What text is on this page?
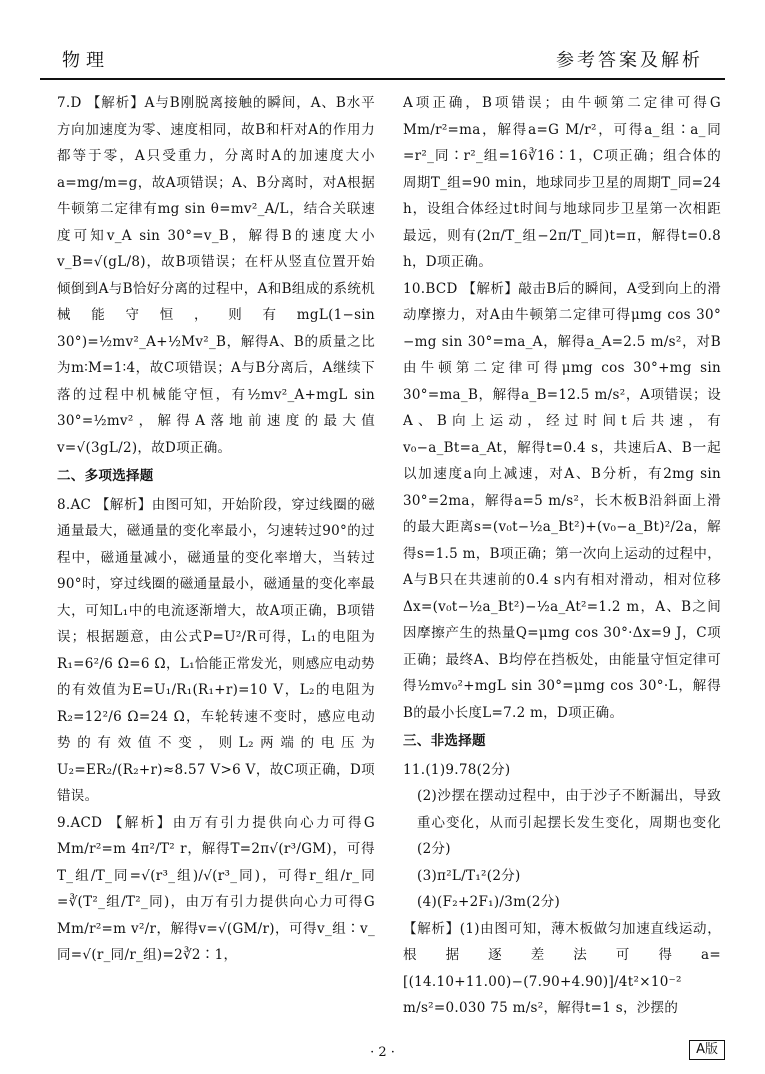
物理	参考答案及解析

7.D 【解析】A与B刚脱离接触的瞬间，A、B水平方向加速度为零、速度相同，故B和杆对A的作用力都等于零，A只受重力，分离时A的加速度大小a=mg/m=g，故A项错误；A、B分离时，对A根据牛顿第二定律有mg sin θ=mv²_A/L，结合关联速度可知v_A sin 30°=v_B，解得B的速度大小v_B=√(gL/8)，故B项错误；在杆从竖直位置开始倾倒到A与B恰好分离的过程中，A和B组成的系统机械能守恒，则有mgL(1−sin 30°)=½mv²_A+½Mv²_B，解得A、B的质量之比为m∶M=1∶4，故C项错误；A与B分离后，A继续下落的过程中机械能守恒，有½mv²_A+mgL sin 30°=½mv²，解得A落地前速度的最大值v=√(3gL/2)，故D项正确。

二、多项选择题

8.AC 【解析】由图可知，开始阶段，穿过线圈的磁通量最大，磁通量的变化率最小，匀速转过90°的过程中，磁通量减小，磁通量的变化率增大，当转过90°时，穿过线圈的磁通量最小，磁通量的变化率最大，可知L₁中的电流逐渐增大，故A项正确，B项错误；根据题意，由公式P=U²/R可得，L₁的电阻为R₁=6²/6 Ω=6 Ω，L₁恰能正常发光，则感应电动势的有效值为E=U₁/R₁(R₁+r)=10 V，L₂的电阻为R₂=12²/6 Ω=24 Ω，车轮转速不变时，感应电动势的有效值不变，则L₂两端的电压为U₂=ER₂/(R₂+r)≈8.57 V>6 V，故C项正确，D项错误。

9.ACD 【解析】由万有引力提供向心力可得G Mm/r²=m 4π²/T² r，解得T=2π√(r³/GM)，可得T_组/T_同=√(r³_组)/√(r³_同)，可得r_组/r_同=∛(T²_组/T²_同)，由万有引力提供向心力可得G Mm/r²=m v²/r，解得v=√(GM/r)，可得v_组∶v_同=√(r_同/r_组)=2∛2∶1，

A项正确，B项错误；由牛顿第二定律可得G Mm/r²=ma，解得a=G M/r²，可得a_组∶a_同=r²_同∶r²_组=16∛16∶1，C项正确；组合体的周期T_组=90 min，地球同步卫星的周期T_同=24 h，设组合体经过t时间与地球同步卫星第一次相距最远，则有(2π/T_组−2π/T_同)t=π，解得t=0.8 h，D项正确。

10.BCD 【解析】敲击B后的瞬间，A受到向上的滑动摩擦力，对A由牛顿第二定律可得μmg cos 30°−mg sin 30°=ma_A，解得a_A=2.5 m/s²，对B由牛顿第二定律可得μmg cos 30°+mg sin 30°=ma_B，解得a_B=12.5 m/s²，A项错误；设A、B向上运动，经过时间t后共速，有v₀−a_Bt=a_At，解得t=0.4 s，共速后A、B一起以加速度a向上减速，对A、B分析，有2mg sin 30°=2ma，解得a=5 m/s²，长木板B沿斜面上滑的最大距离s=(v₀t−½a_Bt²)+(v₀−a_Bt)²/2a，解得s=1.5 m，B项正确；第一次向上运动的过程中，A与B只在共速前的0.4 s内有相对滑动，相对位移Δx=(v₀t−½a_Bt²)−½a_At²=1.2 m，A、B之间因摩擦产生的热量Q=μmg cos 30°·Δx=9 J，C项正确；最终A、B均停在挡板处，由能量守恒定律可得½mv₀²+mgL sin 30°=μmg cos 30°·L，解得B的最小长度L=7.2 m，D项正确。

三、非选择题

11.(1)9.78(2分)

(2)沙摆在摆动过程中，由于沙子不断漏出，导致重心变化，从而引起摆长发生变化，周期也变化(2分)

(3)π²L/T₁²(2分)

(4)(F₂+2F₁)/3m(2分)

【解析】(1)由图可知，薄木板做匀加速直线运动，根据逐差法可得a=[(14.10+11.00)−(7.90+4.90)]/4t²×10⁻² m/s²=0.030 75 m/s²，解得t=1 s，沙摆的

· 2 ·	A版
